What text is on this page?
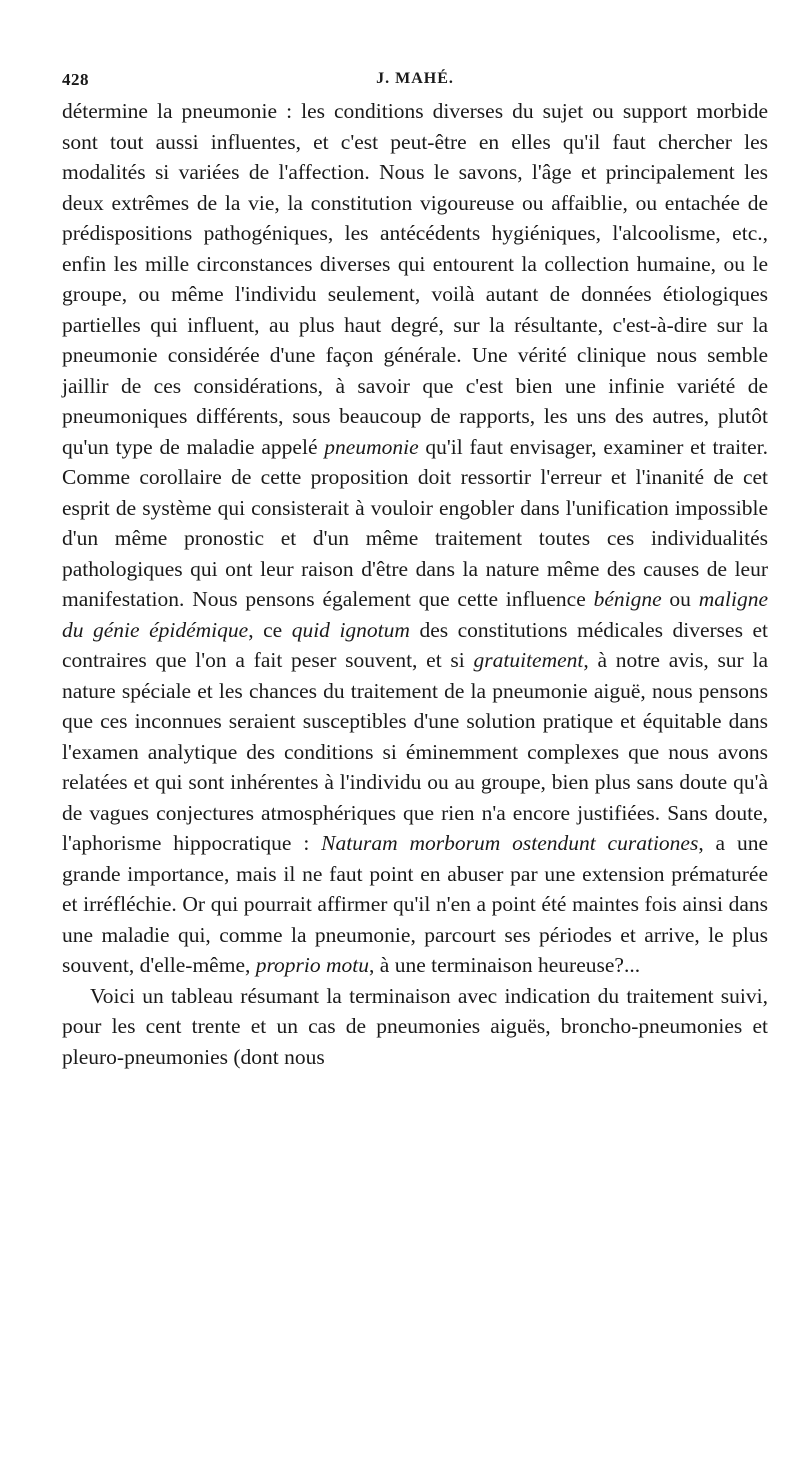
428	J. MAHÉ.

détermine la pneumonie : les conditions diverses du sujet ou support morbide sont tout aussi influentes, et c'est peut-être en elles qu'il faut chercher les modalités si variées de l'affection. Nous le savons, l'âge et principalement les deux extrêmes de la vie, la constitution vigoureuse ou affaiblie, ou entachée de prédispositions pathogéniques, les antécédents hygiéniques, l'alcoolisme, etc., enfin les mille circonstances diverses qui entourent la collection humaine, ou le groupe, ou même l'individu seulement, voilà autant de données étiologiques partielles qui influent, au plus haut degré, sur la résultante, c'est-à-dire sur la pneumonie considérée d'une façon générale. Une vérité clinique nous semble jaillir de ces considérations, à savoir que c'est bien une infinie variété de pneumoniques différents, sous beaucoup de rapports, les uns des autres, plutôt qu'un type de maladie appelé pneumonie qu'il faut envisager, examiner et traiter. Comme corollaire de cette proposition doit ressortir l'erreur et l'inanité de cet esprit de système qui consisterait à vouloir engobler dans l'unification impossible d'un même pronostic et d'un même traitement toutes ces individualités pathologiques qui ont leur raison d'être dans la nature même des causes de leur manifestation. Nous pensons également que cette influence bénigne ou maligne du génie épidémique, ce quid ignotum des constitutions médicales diverses et contraires que l'on a fait peser souvent, et si gratuitement, à notre avis, sur la nature spéciale et les chances du traitement de la pneumonie aiguë, nous pensons que ces inconnues seraient susceptibles d'une solution pratique et équitable dans l'examen analytique des conditions si éminemment complexes que nous avons relatées et qui sont inhérentes à l'individu ou au groupe, bien plus sans doute qu'à de vagues conjectures atmosphériques que rien n'a encore justifiées. Sans doute, l'aphorisme hippocratique : Naturam morborum ostendunt curationes, a une grande importance, mais il ne faut point en abuser par une extension prématurée et irréfléchie. Or qui pourrait affirmer qu'il n'en a point été maintes fois ainsi dans une maladie qui, comme la pneumonie, parcourt ses périodes et arrive, le plus souvent, d'elle-même, proprio motu, à une terminaison heureuse?...

Voici un tableau résumant la terminaison avec indication du traitement suivi, pour les cent trente et un cas de pneumonies aiguës, broncho-pneumonies et pleuro-pneumonies (dont nous
